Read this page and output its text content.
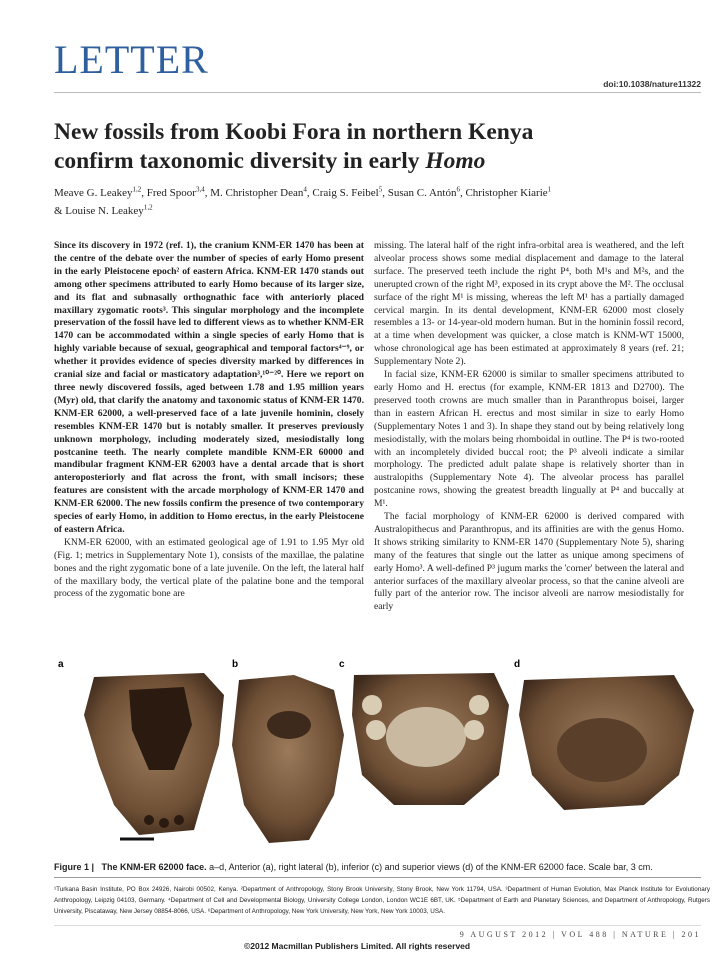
LETTER
doi:10.1038/nature11322
New fossils from Koobi Fora in northern Kenya
confirm taxonomic diversity in early Homo
Meave G. Leakey$^{1,2}$, Fred Spoor$^{3,4}$, M. Christopher Dean$^4$, Craig S. Feibel$^5$, Susan C. Antón$^6$, Christopher Kiarie$^1$
& Louise N. Leakey$^{1,2}$

Since its discovery in 1972 (ref. 1), the cranium KNM-ER 1470 has been at the centre of the debate over the number of species of early Homo present in the early Pleistocene epoch² of eastern Africa. KNM-ER 1470 stands out among other specimens attributed to early Homo because of its larger size, and its flat and subnasally orthognathic face with anteriorly placed maxillary zygomatic roots³. This singular morphology and the incomplete preservation of the fossil have led to different views as to whether KNM-ER 1470 can be accommodated within a single species of early Homo that is highly variable because of sexual, geographical and temporal factors⁴⁻⁹, or whether it provides evidence of species diversity marked by differences in cranial size and facial or masticatory adaptation³,¹⁰⁻²⁰. Here we report on three newly discovered fossils, aged between 1.78 and 1.95 million years (Myr) old, that clarify the anatomy and taxonomic status of KNM-ER 1470. KNM-ER 62000, a well-preserved face of a late juvenile hominin, closely resembles KNM-ER 1470 but is notably smaller. It preserves previously unknown morphology, including moderately sized, mesiodistally long postcanine teeth. The nearly complete mandible KNM-ER 60000 and mandibular fragment KNM-ER 62003 have a dental arcade that is short anteroposteriorly and flat across the front, with small incisors; these features are consistent with the arcade morphology of KNM-ER 1470 and KNM-ER 62000. The new fossils confirm the presence of two contemporary species of early Homo, in addition to Homo erectus, in the early Pleistocene of eastern Africa.

KNM-ER 62000, with an estimated geological age of 1.91 to 1.95 Myr old (Fig. 1; metrics in Supplementary Note 1), consists of the maxillae, the palatine bones and the right zygomatic bone of a late juvenile. On the left, the lateral half of the maxillary body, the vertical plate of the palatine bone and the temporal process of the zygomatic bone are

missing. The lateral half of the right infra-orbital area is weathered, and the left alveolar process shows some medial displacement and damage to the lateral surface. The preserved teeth include the right P⁴, both M¹s and M²s, and the unerupted crown of the right M³, exposed in its crypt above the M². The occlusal surface of the right M¹ is missing, whereas the left M¹ has a partially damaged cervical margin. In its dental development, KNM-ER 62000 most closely resembles a 13- or 14-year-old modern human. But in the hominin fossil record, at a time when development was quicker, a close match is KNM-WT 15000, whose chronological age has been estimated at approximately 8 years (ref. 21; Supplementary Note 2).

In facial size, KNM-ER 62000 is similar to smaller specimens attributed to early Homo and H. erectus (for example, KNM-ER 1813 and D2700). The preserved tooth crowns are much smaller than in Paranthropus boisei, larger than in eastern African H. erectus and most similar in size to early Homo (Supplementary Notes 1 and 3). In shape they stand out by being relatively long mesiodistally, with the molars being rhomboidal in outline. The P⁴ is two-rooted with an incompletely divided buccal root; the P³ alveoli indicate a similar morphology. The predicted adult palate shape is relatively shorter than in australopiths (Supplementary Note 4). The alveolar process has parallel postcanine rows, showing the greatest breadth lingually at P⁴ and buccally at M¹.

The facial morphology of KNM-ER 62000 is derived compared with Australopithecus and Paranthropus, and its affinities are with the genus Homo. It shows striking similarity to KNM-ER 1470 (Supplementary Note 5), sharing many of the features that single out the latter as unique among specimens of early Homo³. A well-defined P³ jugum marks the 'corner' between the lateral and anterior surfaces of the maxillary alveolar process, so that the canine alveoli are fully part of the anterior row. The incisor alveoli are narrow mesiodistally for early

a	b	c	d
Figure 1 | The KNM-ER 62000 face. a–d, Anterior (a), right lateral (b), inferior (c) and superior views (d) of the KNM-ER 62000 face. Scale bar, 3 cm.
¹Turkana Basin Institute, PO Box 24926, Nairobi 00502, Kenya. ²Department of Anthropology, Stony Brook University, Stony Brook, New York 11794, USA. ³Department of Human Evolution, Max Planck Institute for Evolutionary Anthropology, Leipzig 04103, Germany. ⁴Department of Cell and Developmental Biology, University College London, London WC1E 6BT, UK. ⁵Department of Earth and Planetary Sciences, and Department of Anthropology, Rutgers University, Piscataway, New Jersey 08854-8066, USA. ⁶Department of Anthropology, New York University, New York, New York 10003, USA.
9 AUGUST 2012 | VOL 488 | NATURE | 201
©2012 Macmillan Publishers Limited. All rights reserved
